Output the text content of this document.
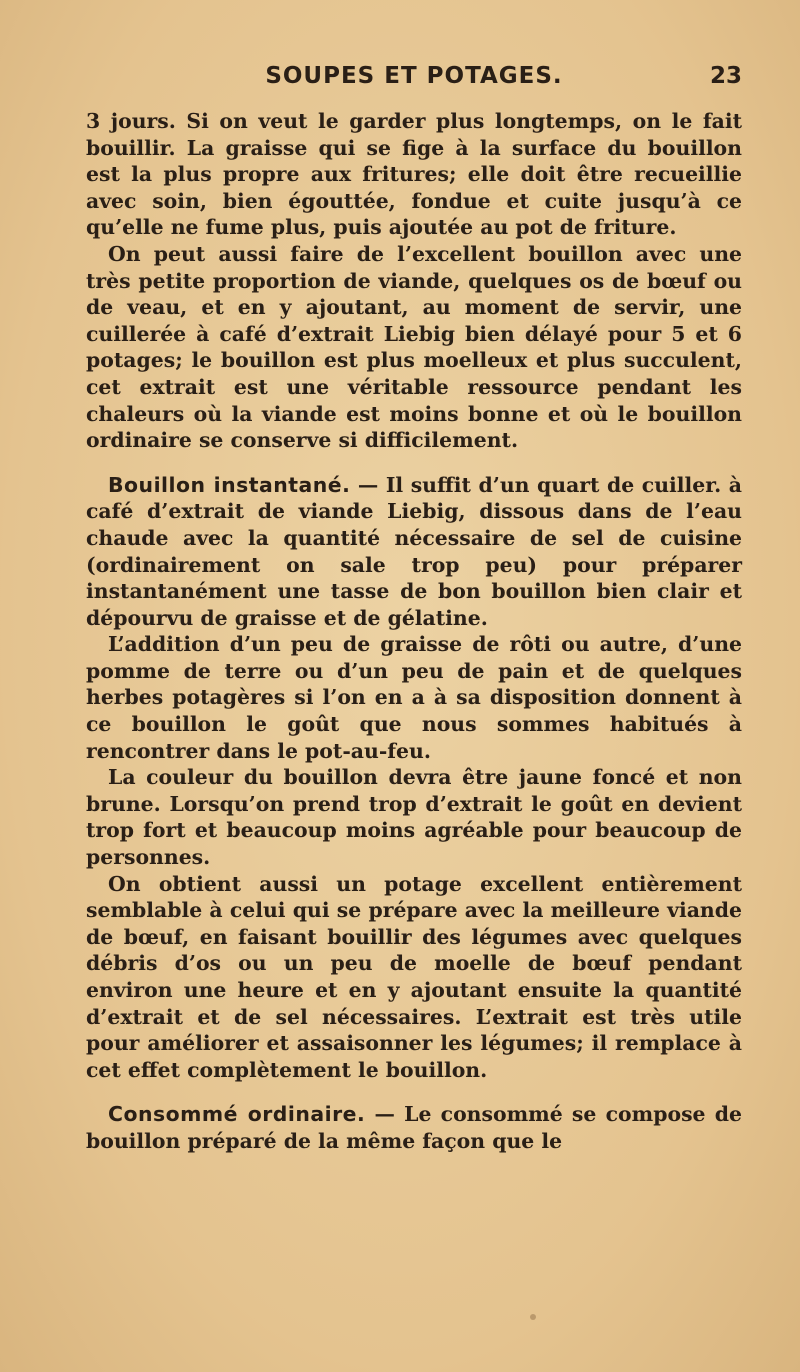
SOUPES ET POTAGES.	23

3 jours. Si on veut le garder plus longtemps, on le fait bouillir. La graisse qui se fige à la surface du bouillon est la plus propre aux fritures; elle doit être recueillie avec soin, bien égouttée, fondue et cuite jusqu’à ce qu’elle ne fume plus, puis ajoutée au pot de friture.

On peut aussi faire de l’excellent bouillon avec une très petite proportion de viande, quelques os de bœuf ou de veau, et en y ajoutant, au moment de servir, une cuillerée à café d’extrait Liebig bien délayé pour 5 et 6 potages; le bouillon est plus moelleux et plus succulent, cet extrait est une véritable ressource pendant les chaleurs où la viande est moins bonne et où le bouillon ordinaire se conserve si difficilement.

Bouillon instantané. — Il suffit d’un quart de cuiller. à café d’extrait de viande Liebig, dissous dans de l’eau chaude avec la quantité nécessaire de sel de cuisine (ordinairement on sale trop peu) pour préparer instantanément une tasse de bon bouillon bien clair et dépourvu de graisse et de gélatine.

L’addition d’un peu de graisse de rôti ou autre, d’une pomme de terre ou d’un peu de pain et de quelques herbes potagères si l’on en a à sa disposition donnent à ce bouillon le goût que nous sommes habitués à rencontrer dans le pot-au-feu.

La couleur du bouillon devra être jaune foncé et non brune. Lorsqu’on prend trop d’extrait le goût en devient trop fort et beaucoup moins agréable pour beaucoup de personnes.

On obtient aussi un potage excellent entièrement semblable à celui qui se prépare avec la meilleure viande de bœuf, en faisant bouillir des légumes avec quelques débris d’os ou un peu de moelle de bœuf pendant environ une heure et en y ajoutant ensuite la quantité d’extrait et de sel nécessaires. L’extrait est très utile pour améliorer et assaisonner les légumes; il remplace à cet effet complètement le bouillon.

Consommé ordinaire. — Le consommé se compose de bouillon préparé de la même façon que le
